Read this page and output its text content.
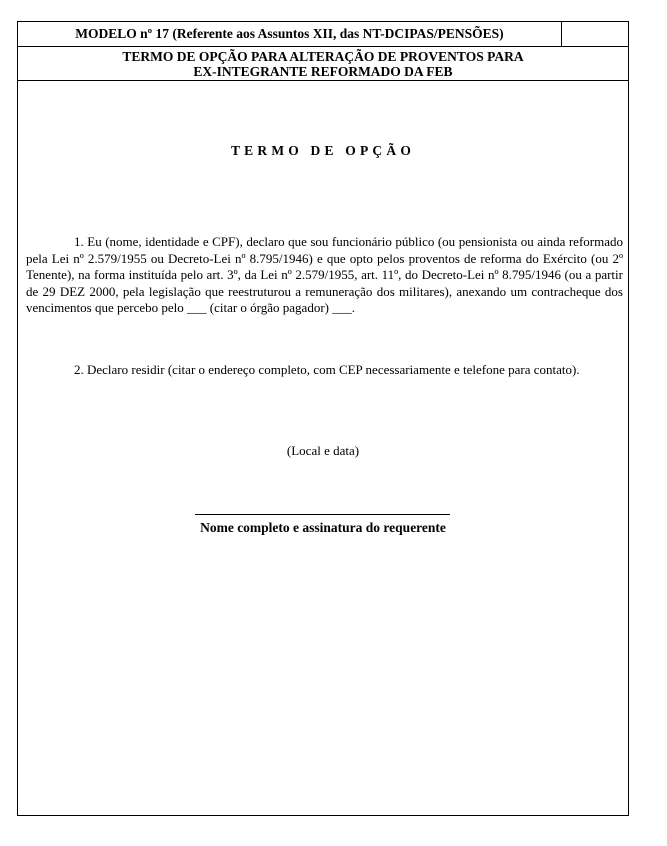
MODELO nº 17 (Referente aos Assuntos XII, das NT-DCIPAS/PENSÕES)
TERMO DE OPÇÃO PARA ALTERAÇÃO DE PROVENTOS PARA
EX-INTEGRANTE REFORMADO DA FEB
TERMO DE OPÇÃO
1. Eu (nome, identidade e CPF), declaro que sou funcionário público (ou pensionista ou ainda reformado pela Lei nº 2.579/1955 ou Decreto-Lei nº 8.795/1946) e que opto pelos proventos de reforma do Exército (ou 2º Tenente), na forma instituída pelo art. 3º, da Lei nº 2.579/1955, art. 11º, do Decreto-Lei nº 8.795/1946 (ou a partir de 29 DEZ 2000, pela legislação que reestruturou a remuneração dos militares), anexando um contracheque dos vencimentos que percebo pelo ___ (citar o órgão pagador) ___.
2. Declaro residir (citar o endereço completo, com CEP necessariamente e telefone para contato).
(Local e data)
Nome completo e assinatura do requerente
